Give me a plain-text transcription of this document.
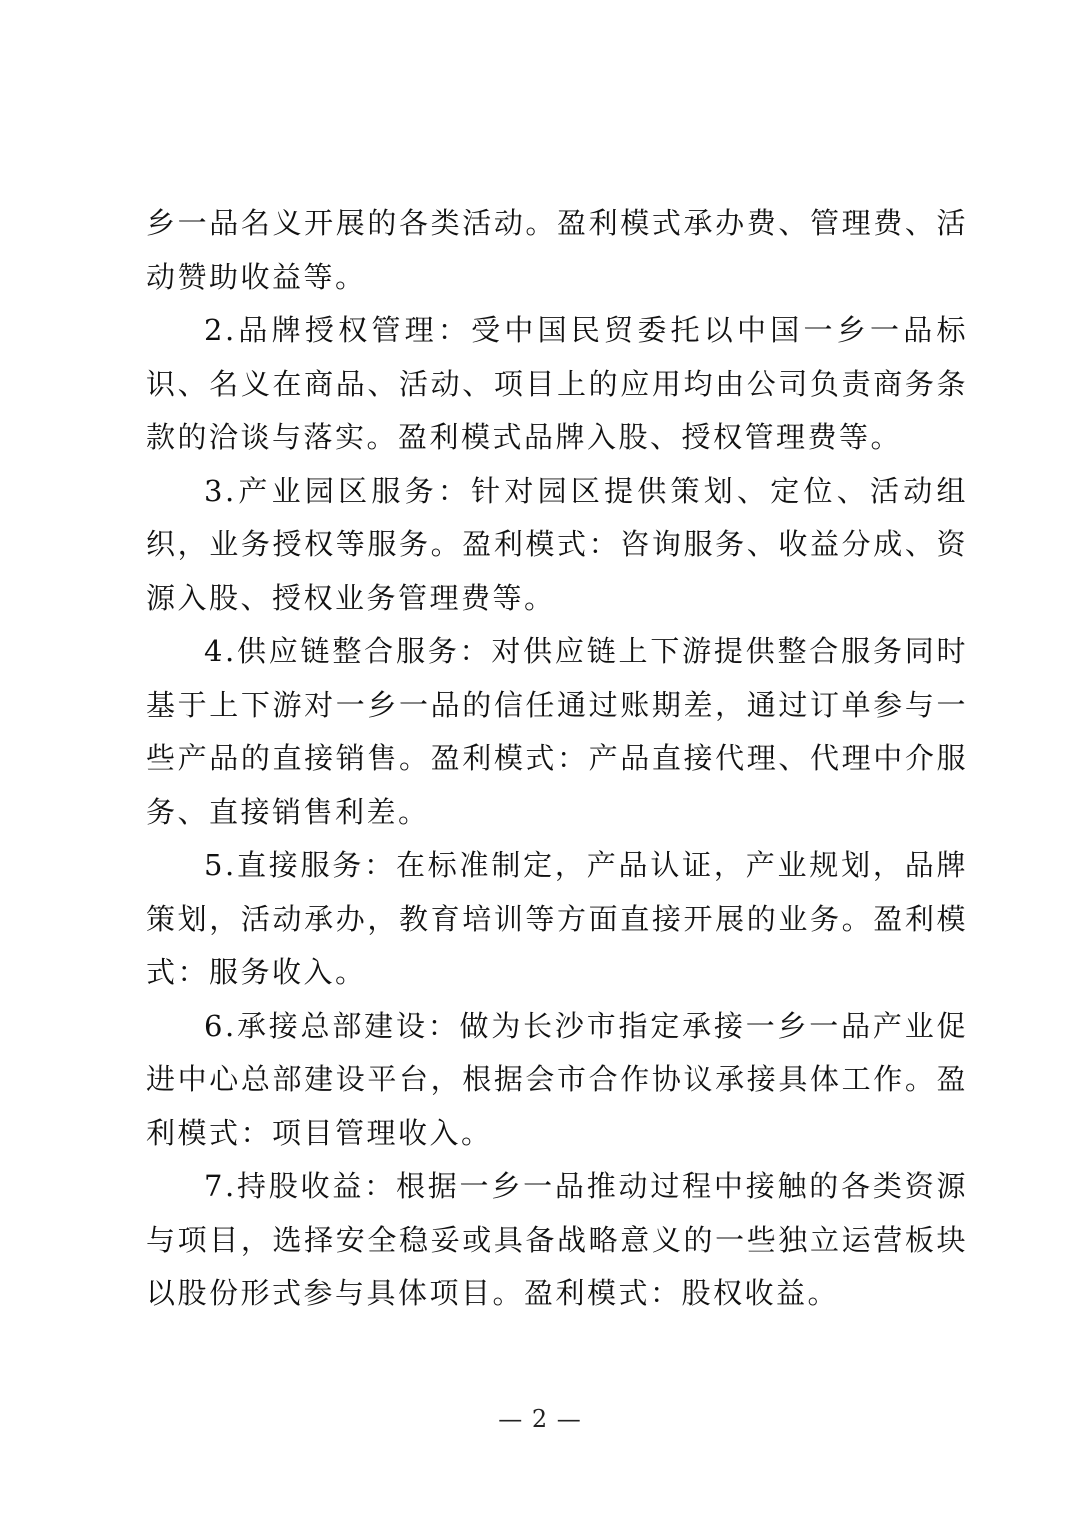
乡一品名义开展的各类活动。盈利模式承办费、管理费、活动赞助收益等。

2.品牌授权管理：受中国民贸委托以中国一乡一品标识、名义在商品、活动、项目上的应用均由公司负责商务条款的洽谈与落实。盈利模式品牌入股、授权管理费等。

3.产业园区服务：针对园区提供策划、定位、活动组织，业务授权等服务。盈利模式：咨询服务、收益分成、资源入股、授权业务管理费等。

4.供应链整合服务：对供应链上下游提供整合服务同时基于上下游对一乡一品的信任通过账期差，通过订单参与一些产品的直接销售。盈利模式：产品直接代理、代理中介服务、直接销售利差。

5.直接服务：在标准制定，产品认证，产业规划，品牌策划，活动承办，教育培训等方面直接开展的业务。盈利模式：服务收入。

6.承接总部建设：做为长沙市指定承接一乡一品产业促进中心总部建设平台，根据会市合作协议承接具体工作。盈利模式：项目管理收入。

7.持股收益：根据一乡一品推动过程中接触的各类资源与项目，选择安全稳妥或具备战略意义的一些独立运营板块以股份形式参与具体项目。盈利模式：股权收益。

— 2 —
